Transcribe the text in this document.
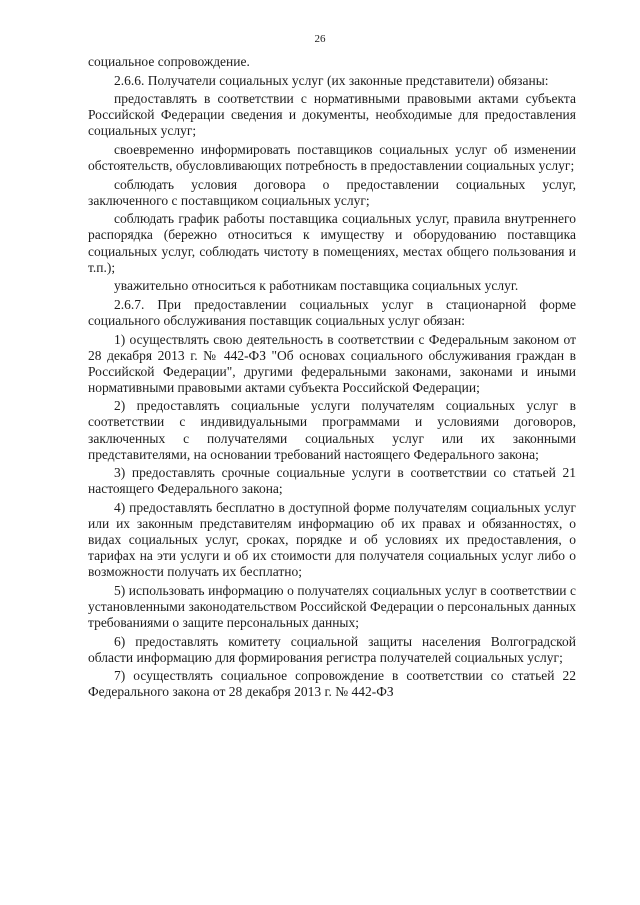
26

социальное сопровождение.

2.6.6. Получатели социальных услуг (их законные представители) обязаны:

предоставлять в соответствии с нормативными правовыми актами субъекта Российской Федерации сведения и документы, необходимые для предоставления социальных услуг;

своевременно информировать поставщиков социальных услуг об изменении обстоятельств, обусловливающих потребность в предоставлении социальных услуг;

соблюдать условия договора о предоставлении социальных услуг, заключенного с поставщиком социальных услуг;

соблюдать график работы поставщика социальных услуг, правила внутреннего распорядка (бережно относиться к имуществу и оборудованию поставщика социальных услуг, соблюдать чистоту в помещениях, местах общего пользования и т.п.);

уважительно относиться к работникам поставщика социальных услуг.

2.6.7. При предоставлении социальных услуг в стационарной форме социального обслуживания поставщик социальных услуг обязан:

1) осуществлять свою деятельность в соответствии с Федеральным законом от 28 декабря 2013 г. № 442-ФЗ "Об основах социального обслуживания граждан в Российской Федерации", другими федеральными законами, законами и иными нормативными правовыми актами субъекта Российской Федерации;

2) предоставлять социальные услуги получателям социальных услуг в соответствии с индивидуальными программами и условиями договоров, заключенных с получателями социальных услуг или их законными представителями, на основании требований настоящего Федерального закона;

3) предоставлять срочные социальные услуги в соответствии со статьей 21 настоящего Федерального закона;

4) предоставлять бесплатно в доступной форме получателям социальных услуг или их законным представителям информацию об их правах и обязанностях, о видах социальных услуг, сроках, порядке и об условиях их предоставления, о тарифах на эти услуги и об их стоимости для получателя социальных услуг либо о возможности получать их бесплатно;

5) использовать информацию о получателях социальных услуг в соответствии с установленными законодательством Российской Федерации о персональных данных требованиями о защите персональных данных;

6) предоставлять комитету социальной защиты населения Волгоградской области информацию для формирования регистра получателей социальных услуг;

7) осуществлять социальное сопровождение в соответствии со статьей 22 Федерального закона от 28 декабря 2013 г. № 442-ФЗ
